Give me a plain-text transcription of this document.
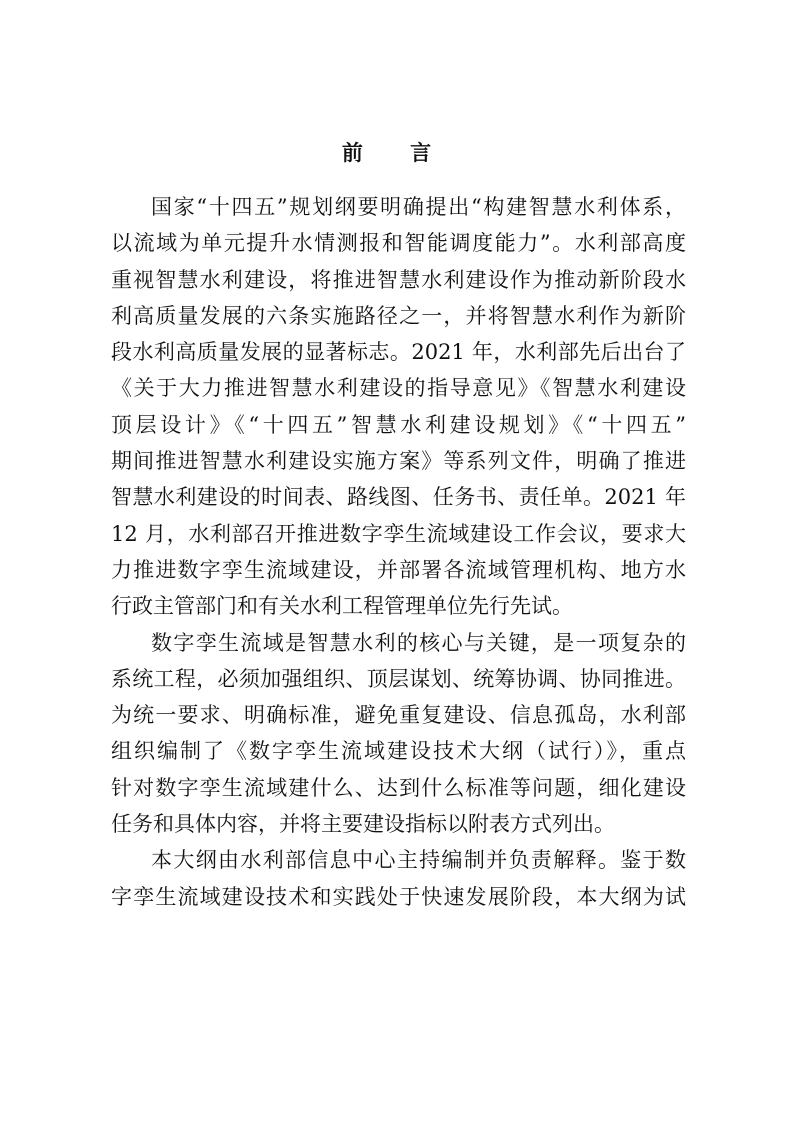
前 言
国家“十四五”规划纲要明确提出“构建智慧水利体系，
以流域为单元提升水情测报和智能调度能力”。水利部高度
重视智慧水利建设，将推进智慧水利建设作为推动新阶段水
利高质量发展的六条实施路径之一，并将智慧水利作为新阶
段水利高质量发展的显著标志。2021 年，水利部先后出台了
《关于大力推进智慧水利建设的指导意见》《智慧水利建设
顶层设计》《“十四五”智慧水利建设规划》《“十四五”
期间推进智慧水利建设实施方案》等系列文件，明确了推进
智慧水利建设的时间表、路线图、任务书、责任单。2021 年
12 月，水利部召开推进数字孪生流域建设工作会议，要求大
力推进数字孪生流域建设，并部署各流域管理机构、地方水
行政主管部门和有关水利工程管理单位先行先试。
数字孪生流域是智慧水利的核心与关键，是一项复杂的
系统工程，必须加强组织、顶层谋划、统筹协调、协同推进。
为统一要求、明确标准，避免重复建设、信息孤岛，水利部
组织编制了《数字孪生流域建设技术大纲（试行）》，重点
针对数字孪生流域建什么、达到什么标准等问题，细化建设
任务和具体内容，并将主要建设指标以附表方式列出。
本大纲由水利部信息中心主持编制并负责解释。鉴于数
字孪生流域建设技术和实践处于快速发展阶段，本大纲为试
